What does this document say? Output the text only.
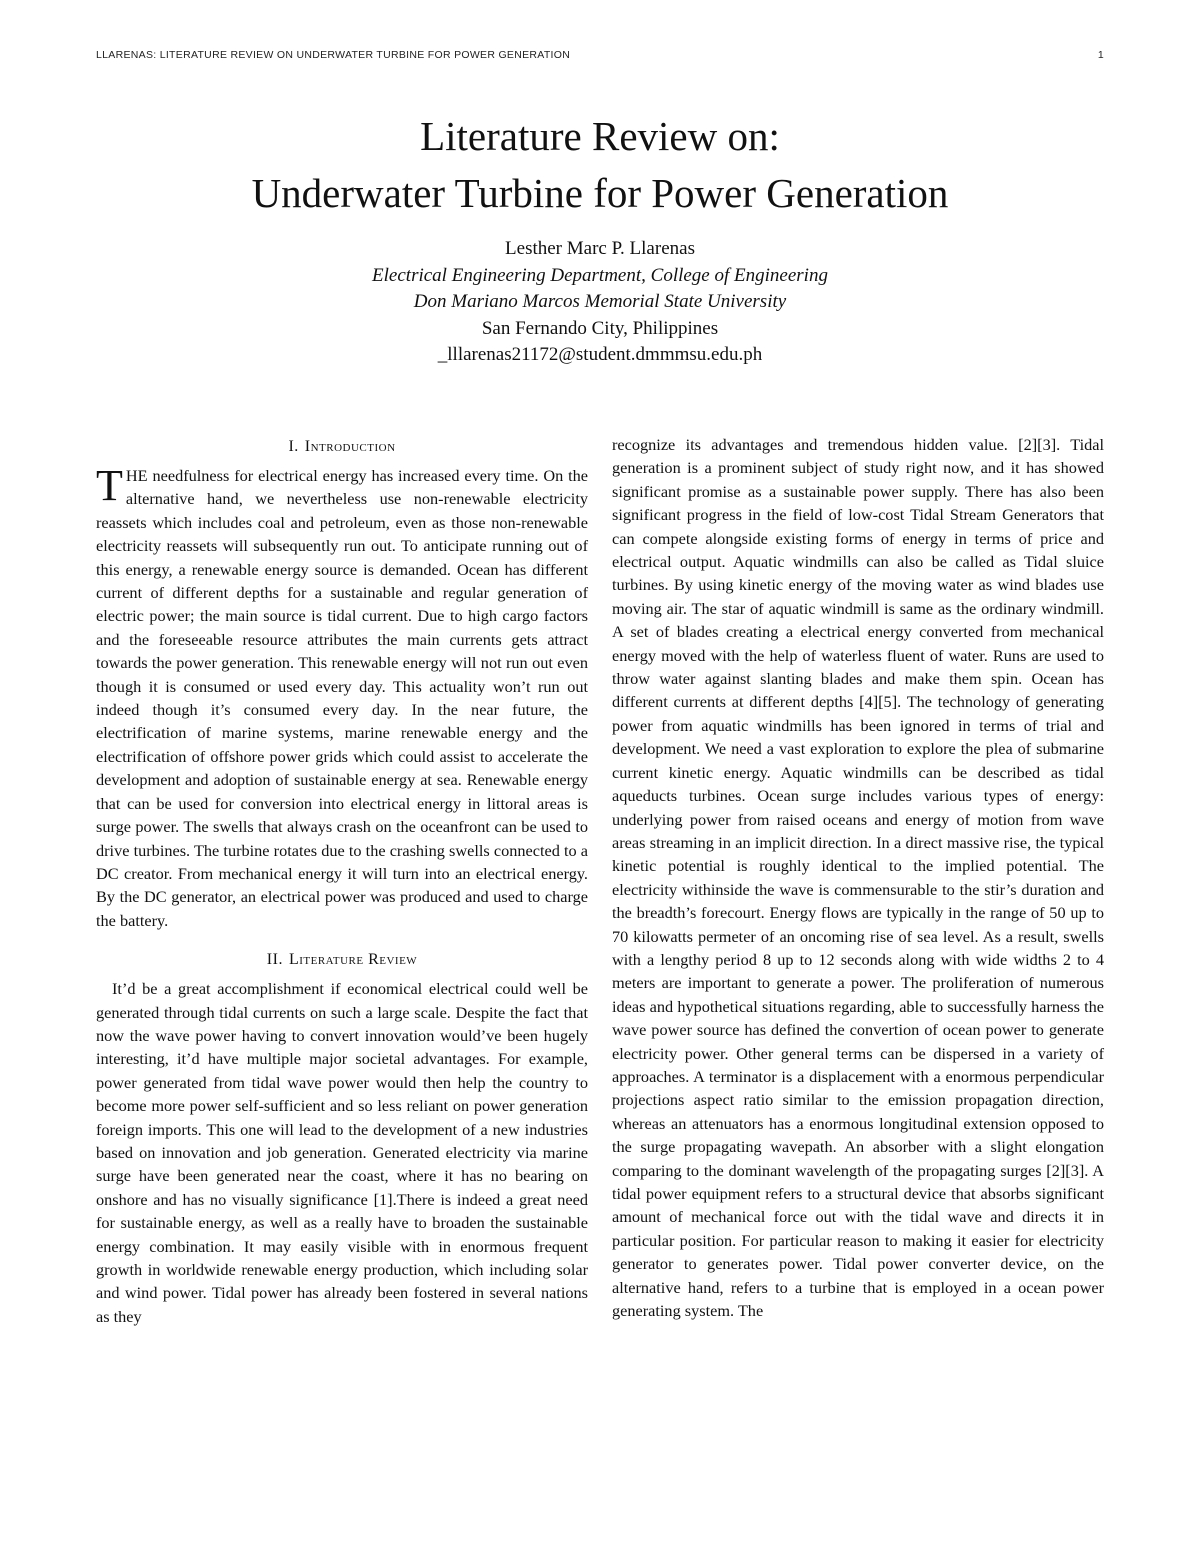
LLARENAS: LITERATURE REVIEW ON UNDERWATER TURBINE FOR POWER GENERATION	1
Literature Review on:
Underwater Turbine for Power Generation
Lesther Marc P. Llarenas
Electrical Engineering Department, College of Engineering
Don Mariano Marcos Memorial State University
San Fernando City, Philippines
_lllarenas21172@student.dmmmsu.edu.ph
I. Introduction

THE needfulness for electrical energy has increased every time. On the alternative hand, we nevertheless use non-renewable electricity reassets which includes coal and petroleum, even as those non-renewable electricity reassets will subsequently run out. To anticipate running out of this energy, a renewable energy source is demanded. Ocean has different current of different depths for a sustainable and regular generation of electric power; the main source is tidal current. Due to high cargo factors and the foreseeable resource attributes the main currents gets attract towards the power generation. This renewable energy will not run out even though it is consumed or used every day. This actuality won’t run out indeed though it’s consumed every day. In the near future, the electrification of marine systems, marine renewable energy and the electrification of offshore power grids which could assist to accelerate the development and adoption of sustainable energy at sea. Renewable energy that can be used for conversion into electrical energy in littoral areas is surge power. The swells that always crash on the oceanfront can be used to drive turbines. The turbine rotates due to the crashing swells connected to a DC creator. From mechanical energy it will turn into an electrical energy. By the DC generator, an electrical power was produced and used to charge the battery.

II. Literature Review

It’d be a great accomplishment if economical electrical could well be generated through tidal currents on such a large scale. Despite the fact that now the wave power having to convert innovation would’ve been hugely interesting, it’d have multiple major societal advantages. For example, power generated from tidal wave power would then help the country to become more power self-sufficient and so less reliant on power generation foreign imports. This one will lead to the development of a new industries based on innovation and job generation. Generated electricity via marine surge have been generated near the coast, where it has no bearing on onshore and has no visually significance [1].There is indeed a great need for sustainable energy, as well as a really have to broaden the sustainable energy combination. It may easily visible with in enormous frequent growth in worldwide renewable energy production, which including solar and wind power. Tidal power has already been fostered in several nations as they

recognize its advantages and tremendous hidden value. [2][3]. Tidal generation is a prominent subject of study right now, and it has showed significant promise as a sustainable power supply. There has also been significant progress in the field of low-cost Tidal Stream Generators that can compete alongside existing forms of energy in terms of price and electrical output. Aquatic windmills can also be called as Tidal sluice turbines. By using kinetic energy of the moving water as wind blades use moving air. The star of aquatic windmill is same as the ordinary windmill. A set of blades creating a electrical energy converted from mechanical energy moved with the help of waterless fluent of water. Runs are used to throw water against slanting blades and make them spin. Ocean has different currents at different depths [4][5]. The technology of generating power from aquatic windmills has been ignored in terms of trial and development. We need a vast exploration to explore the plea of submarine current kinetic energy. Aquatic windmills can be described as tidal aqueducts turbines. Ocean surge includes various types of energy: underlying power from raised oceans and energy of motion from wave areas streaming in an implicit direction. In a direct massive rise, the typical kinetic potential is roughly identical to the implied potential. The electricity withinside the wave is commensurable to the stir’s duration and the breadth’s forecourt. Energy flows are typically in the range of 50 up to 70 kilowatts permeter of an oncoming rise of sea level. As a result, swells with a lengthy period 8 up to 12 seconds along with wide widths 2 to 4 meters are important to generate a power. The proliferation of numerous ideas and hypothetical situations regarding, able to successfully harness the wave power source has defined the convertion of ocean power to generate electricity power. Other general terms can be dispersed in a variety of approaches. A terminator is a displacement with a enormous perpendicular projections aspect ratio similar to the emission propagation direction, whereas an attenuators has a enormous longitudinal extension opposed to the surge propagating wavepath. An absorber with a slight elongation comparing to the dominant wavelength of the propagating surges [2][3]. A tidal power equipment refers to a structural device that absorbs significant amount of mechanical force out with the tidal wave and directs it in particular position. For particular reason to making it easier for electricity generator to generates power. Tidal power converter device, on the alternative hand, refers to a turbine that is employed in a ocean power generating system. The
